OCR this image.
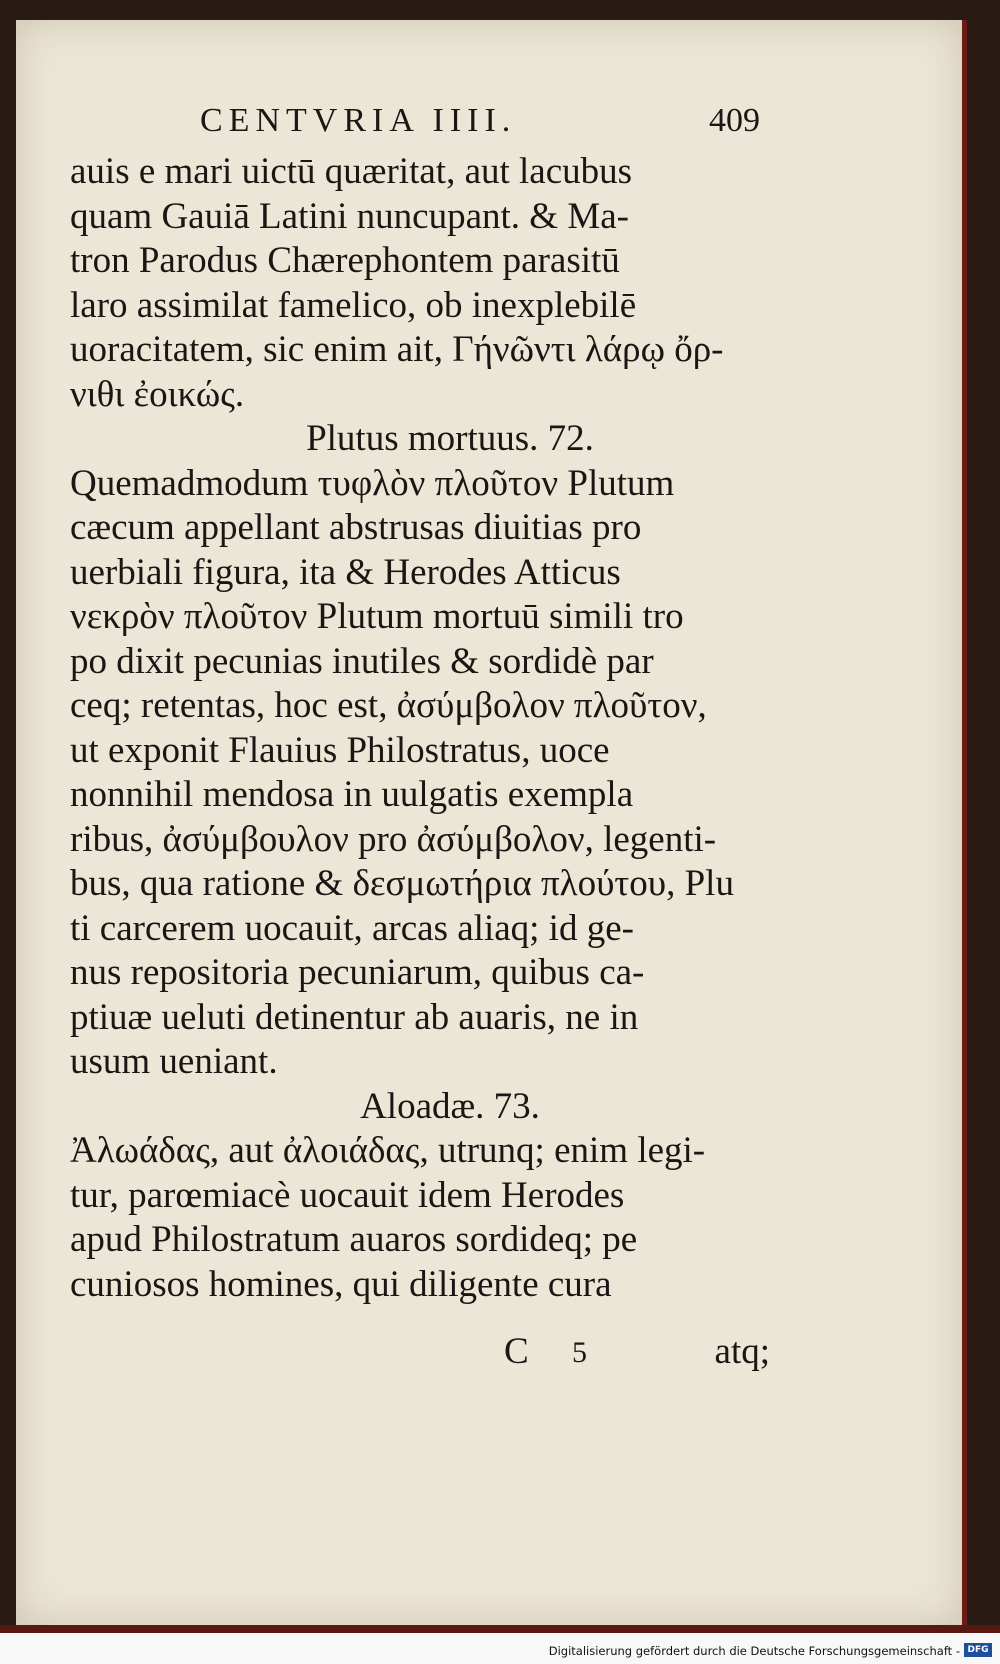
CENTVRIA IIII.	409
auis e mari uictū quæritat, aut lacubus
quam Gauiā Latini nuncupant. & Ma-
tron Parodus Chærephontem parasitū
laro assimilat famelico, ob inexplebilē
uoracitatem, sic enim ait, Γήνῶντι λάρῳ ὄρ-
νιθι ἐοικώς.
Plutus mortuus. 72.
Quemadmodum τυφλὸν πλοῦτον Plutum
cæcum appellant abstrusas diuitias pro
uerbiali figura, ita & Herodes Atticus
νεκρὸν πλοῦτον Plutum mortuū simili tro
po dixit pecunias inutiles & sordidè par
ceq; retentas, hoc est, ἀσύμβολον πλοῦτον,
ut exponit Flauius Philostratus, uoce
nonnihil mendosa in uulgatis exempla
ribus, ἀσύμβουλον pro ἀσύμβολον, legenti-
bus, qua ratione & δεσμωτήρια πλούτου, Plu
ti carcerem uocauit, arcas aliaq; id ge-
nus repositoria pecuniarum, quibus ca-
ptiuæ ueluti detinentur ab auaris, ne in
usum ueniant.
Aloadæ. 73.
Ἀλωάδας, aut ἀλοιάδας, utrunq; enim legi-
tur, parœmiacè uocauit idem Herodes
apud Philostratum auaros sordideq; pe
cuniosos homines, qui diligente cura
C 5	atq;
Digitalisierung gefördert durch die Deutsche Forschungsgemeinschaft - DFG
